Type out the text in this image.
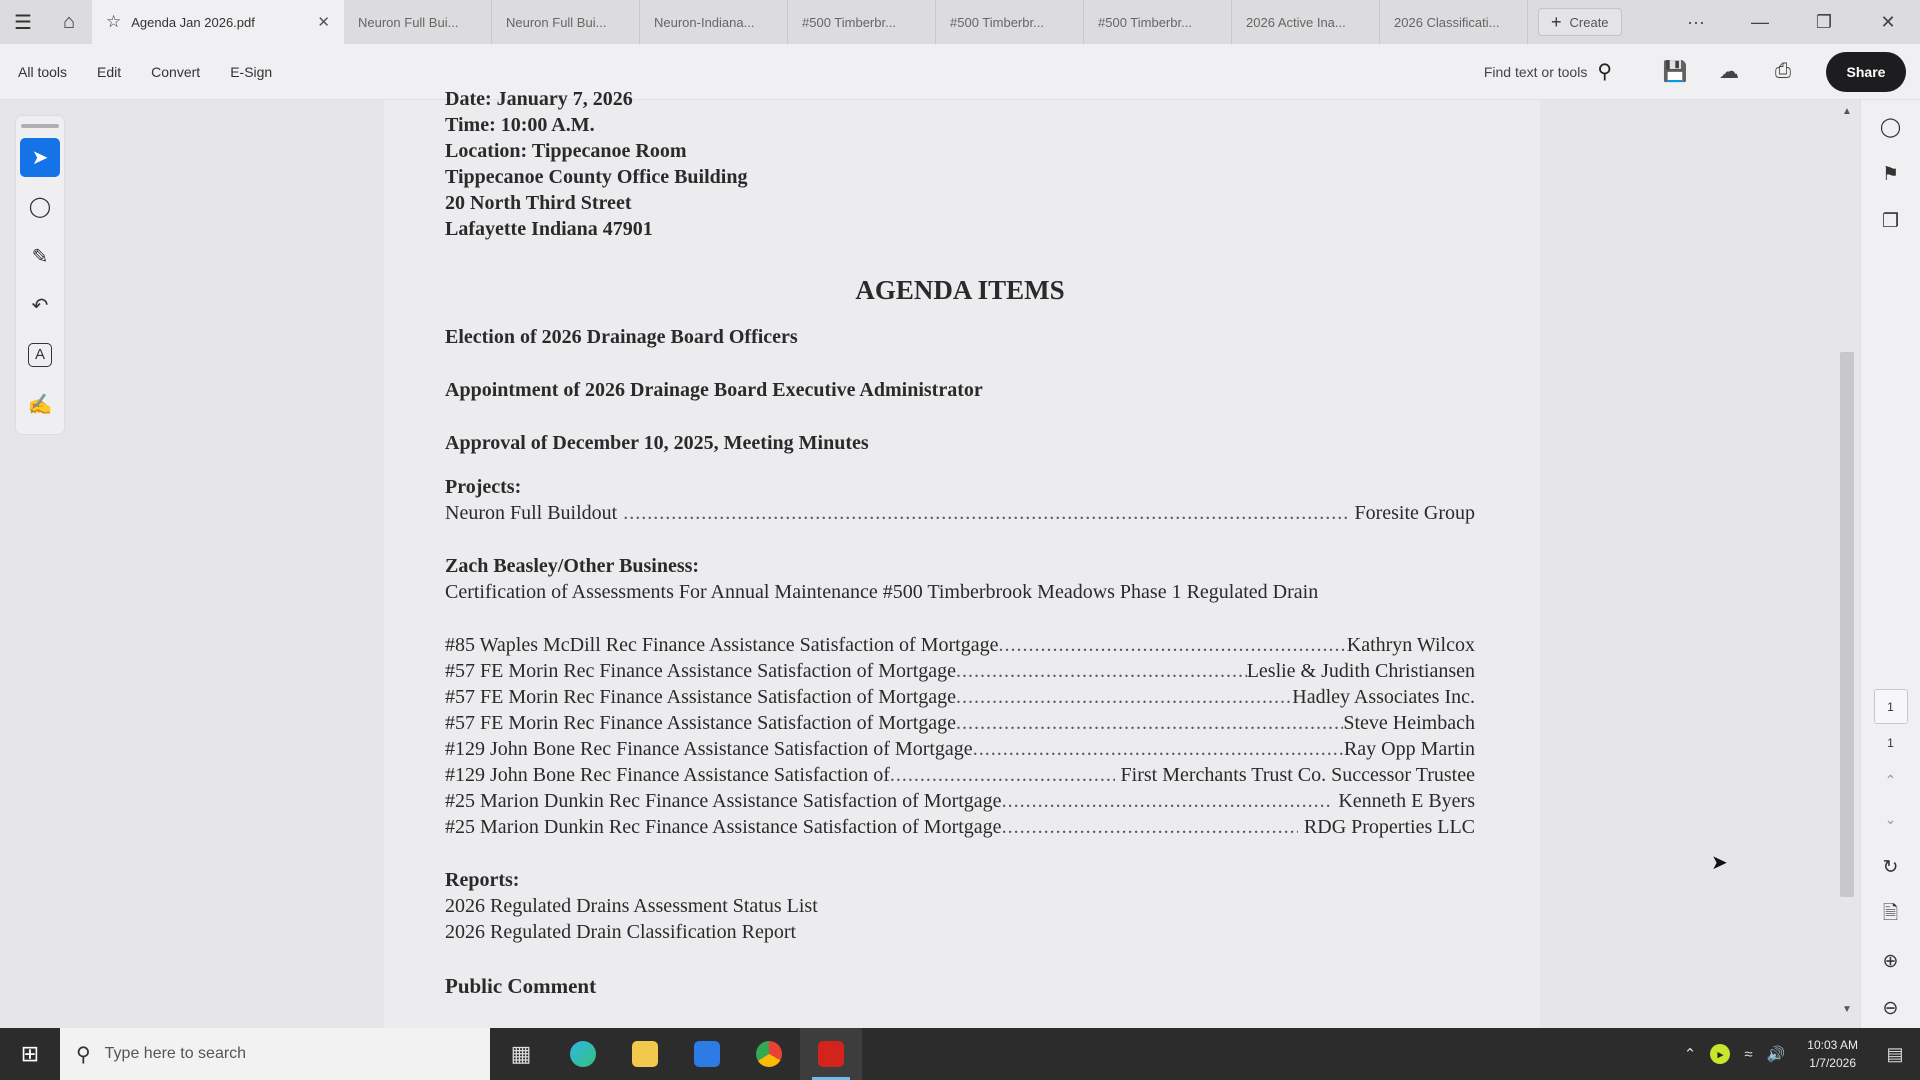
☰	⌂	☆ Agenda Jan 2026.pdf	✕	Neuron Full Bui...	Neuron Full Bui...	Neuron-Indiana...	#500 Timberbr...	#500 Timberbr...	#500 Timberbr...	2026 Active Ina...	2026 Classificati...	+ Create	···	—	❐	✕
All tools Edit Convert E-Sign	Find text or tools ⚲	💾	☁	⎙	Share
➤
◯
✎
↶
A
✍
Date: January 7, 2026
Time: 10:00 A.M.
Location: Tippecanoe Room
Tippecanoe County Office Building
20 North Third Street
Lafayette Indiana 47901
AGENDA ITEMS
Election of 2026 Drainage Board Officers
Appointment of 2026 Drainage Board Executive Administrator
Approval of December 10, 2025, Meeting Minutes
Projects:
Neuron Full Buildout .....	Foresite Group
Zach Beasley/Other Business:
Certification of Assessments For Annual Maintenance #500 Timberbrook Meadows Phase 1 Regulated Drain
#85 Waples McDill Rec Finance Assistance Satisfaction of Mortgage .....	Kathryn Wilcox
#57 FE Morin Rec Finance Assistance Satisfaction of Mortgage .....	Leslie & Judith Christiansen
#57 FE Morin Rec Finance Assistance Satisfaction of Mortgage .....	Hadley Associates Inc.
#57 FE Morin Rec Finance Assistance Satisfaction of Mortgage .....	Steve Heimbach
#129 John Bone Rec Finance Assistance Satisfaction of Mortgage .....	Ray Opp Martin
#129 John Bone Rec Finance Assistance Satisfaction of .....	First Merchants Trust Co. Successor Trustee
#25 Marion Dunkin Rec Finance Assistance Satisfaction of Mortgage .....	Kenneth E Byers
#25 Marion Dunkin Rec Finance Assistance Satisfaction of Mortgage .....	RDG Properties LLC
Reports:
2026 Regulated Drains Assessment Status List
2026 Regulated Drain Classification Report
Public Comment
▲
▼
◯
⚑
❐
1
1
⌃
⌄
↻
🗎
⊕
⊖
➤
⊞	⚲ Type here to search	▦	⌃	▸	≈ 🔊
10:03 AM
1/7/2026	▤
